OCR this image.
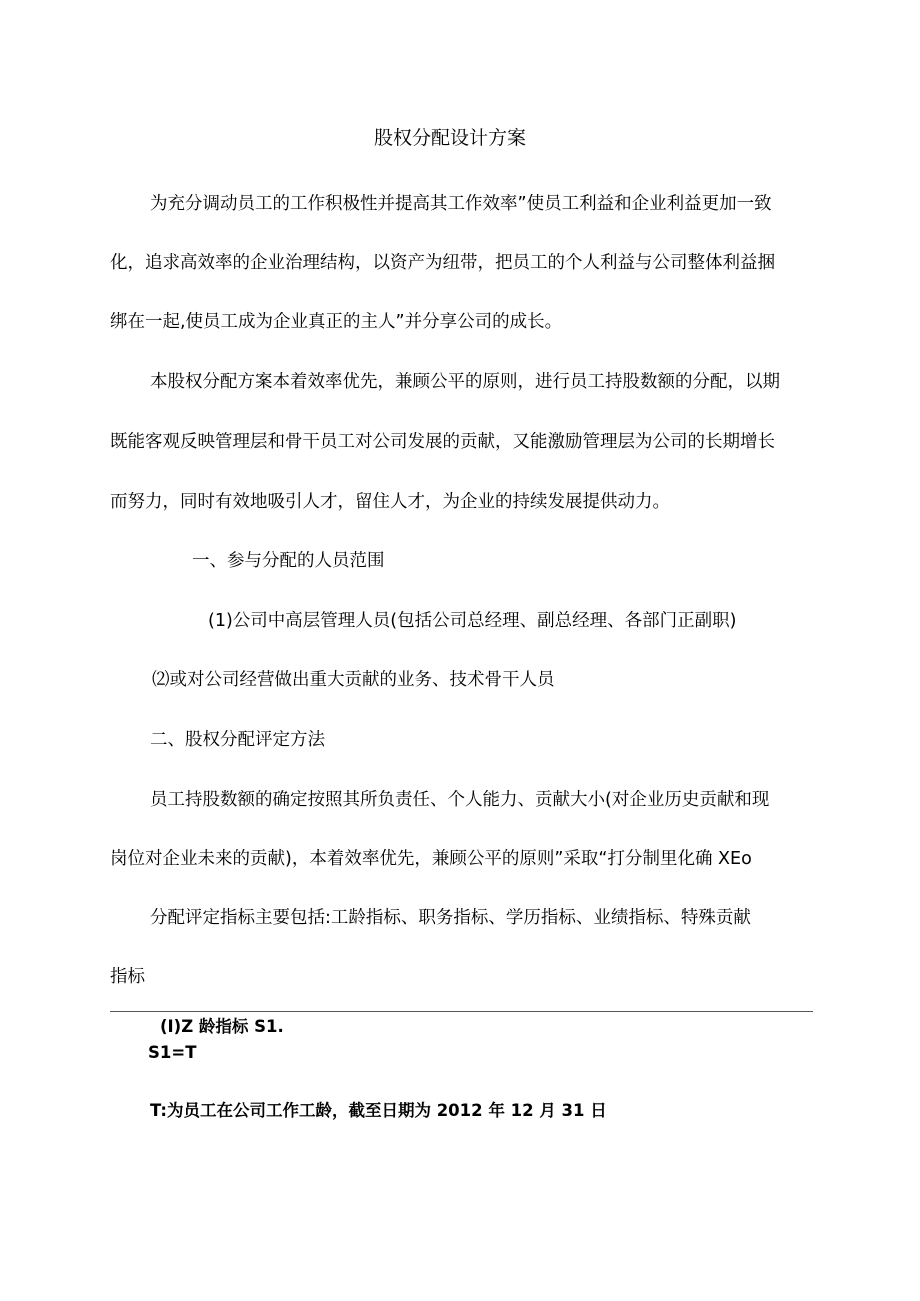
股权分配设计方案

为充分调动员工的工作积极性并提高其工作效率”使员工利益和企业利益更加一致

化，追求高效率的企业治理结构，以资产为纽带，把员工的个人利益与公司整体利益捆

绑在一起,使员工成为企业真正的主人”并分享公司的成长。

本股权分配方案本着效率优先，兼顾公平的原则，进行员工持股数额的分配，以期

既能客观反映管理层和骨干员工对公司发展的贡献，又能激励管理层为公司的长期增长

而努力，同时有效地吸引人才，留住人才，为企业的持续发展提供动力。

一、参与分配的人员范围

(1)公司中高层管理人员(包括公司总经理、副总经理、各部门正副职)

⑵或对公司经营做出重大贡献的业务、技术骨干人员

二、股权分配评定方法

员工持股数额的确定按照其所负责任、个人能力、贡献大小(对企业历史贡献和现

岗位对企业未来的贡献)，本着效率优先，兼顾公平的原则”采取“打分制里化确 XEo

分配评定指标主要包括:工龄指标、职务指标、学历指标、业绩指标、特殊贡献

指标

(I)Z 龄指标 S1.

S1=T

T:为员工在公司工作工龄，截至日期为 2012 年 12 月 31 日
